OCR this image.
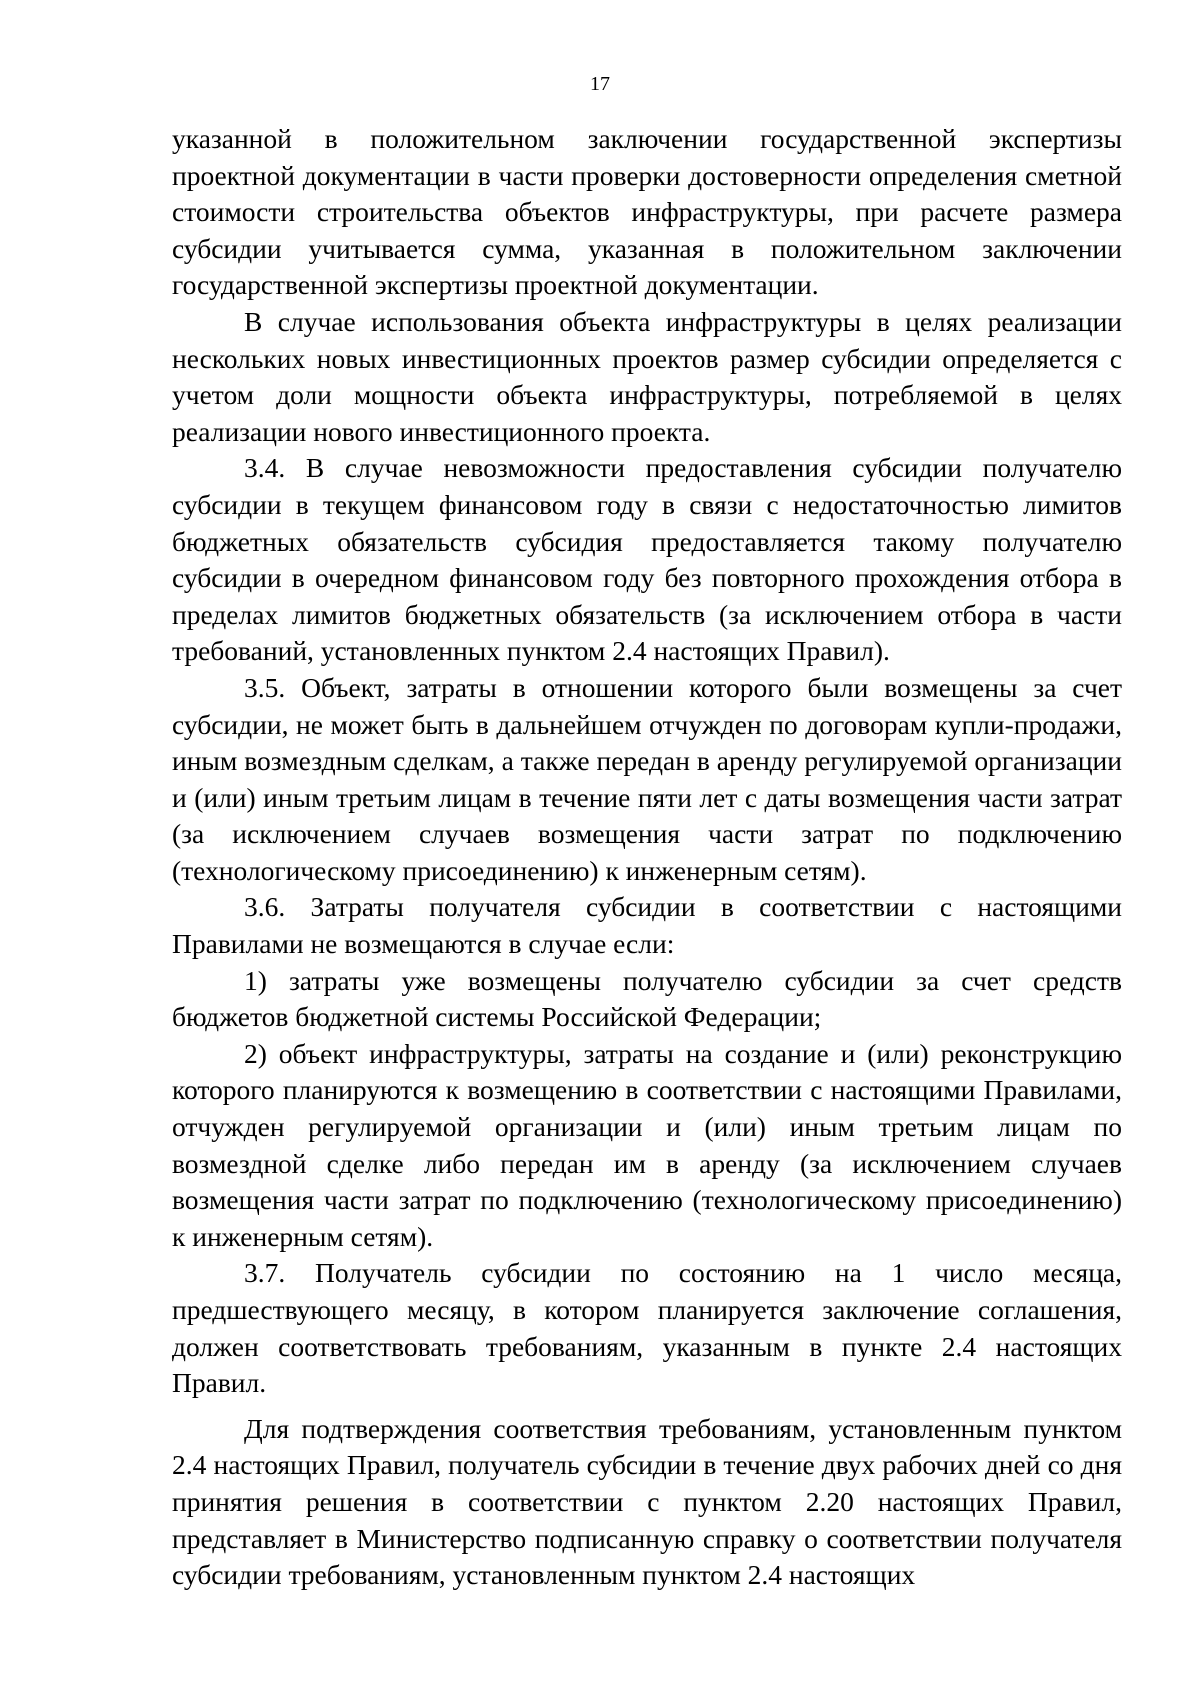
17

указанной в положительном заключении государственной экспертизы проектной документации в части проверки достоверности определения сметной стоимости строительства объектов инфраструктуры, при расчете размера субсидии учитывается сумма, указанная в положительном заключении государственной экспертизы проектной документации.

В случае использования объекта инфраструктуры в целях реализации нескольких новых инвестиционных проектов размер субсидии определяется с учетом доли мощности объекта инфраструктуры, потребляемой в целях реализации нового инвестиционного проекта.

3.4. В случае невозможности предоставления субсидии получателю субсидии в текущем финансовом году в связи с недостаточностью лимитов бюджетных обязательств субсидия предоставляется такому получателю субсидии в очередном финансовом году без повторного прохождения отбора в пределах лимитов бюджетных обязательств (за исключением отбора в части требований, установленных пунктом 2.4 настоящих Правил).

3.5. Объект, затраты в отношении которого были возмещены за счет субсидии, не может быть в дальнейшем отчужден по договорам купли-продажи, иным возмездным сделкам, а также передан в аренду регулируемой организации и (или) иным третьим лицам в течение пяти лет с даты возмещения части затрат (за исключением случаев возмещения части затрат по подключению (технологическому присоединению) к инженерным сетям).

3.6. Затраты получателя субсидии в соответствии с настоящими Правилами не возмещаются в случае если:

1) затраты уже возмещены получателю субсидии за счет средств бюджетов бюджетной системы Российской Федерации;

2) объект инфраструктуры, затраты на создание и (или) реконструкцию которого планируются к возмещению в соответствии с настоящими Правилами, отчужден регулируемой организации и (или) иным третьим лицам по возмездной сделке либо передан им в аренду (за исключением случаев возмещения части затрат по подключению (технологическому присоединению) к инженерным сетям).

3.7. Получатель субсидии по состоянию на 1 число месяца, предшествующего месяцу, в котором планируется заключение соглашения, должен соответствовать требованиям, указанным в пункте 2.4 настоящих Правил.

Для подтверждения соответствия требованиям, установленным пунктом 2.4 настоящих Правил, получатель субсидии в течение двух рабочих дней со дня принятия решения в соответствии с пунктом 2.20 настоящих Правил, представляет в Министерство подписанную справку о соответствии получателя субсидии требованиям, установленным пунктом 2.4 настоящих
